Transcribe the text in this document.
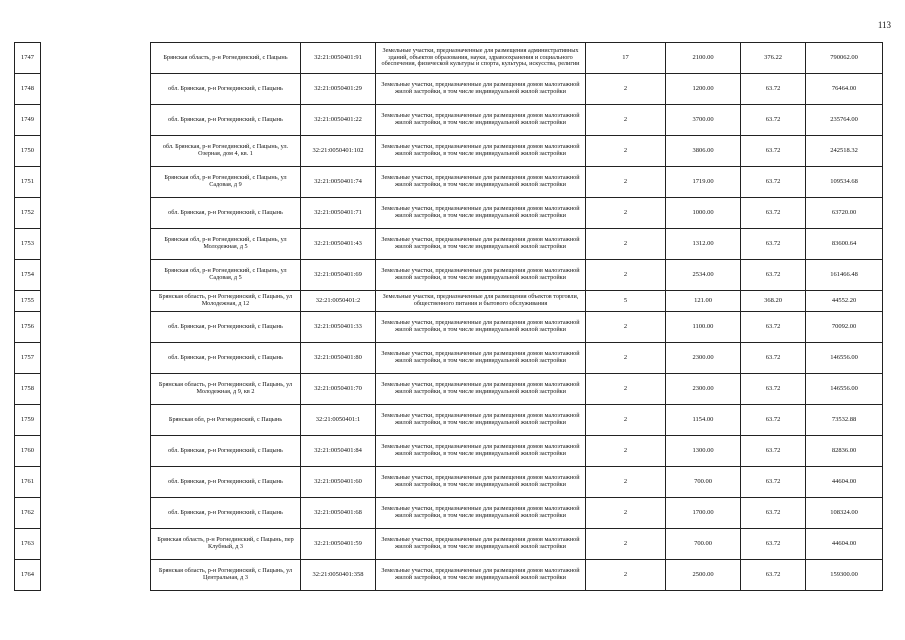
113
1747		Брянская область, р-н Рогнединский, с Пацынь	32:21:0050401:91	Земельные участки, предназначенные для размещения административных зданий, объектов образования, науки, здравоохранения и социального обеспечения, физической культуры и спорта, культуры, искусства, религии	17	2100.00	376.22	790062.00
1748		обл. Брянская, р-н Рогнединский, с Пацынь	32:21:0050401:29	Земельные участки, предназначенные для размещения домов малоэтажной жилой застройки, в том числе индивидуальной жилой застройки	2	1200.00	63.72	76464.00
1749		обл. Брянская, р-н Рогнединский, с Пацынь	32:21:0050401:22	Земельные участки, предназначенные для размещения домов малоэтажной жилой застройки, в том числе индивидуальной жилой застройки	2	3700.00	63.72	235764.00
1750		обл. Брянская, р-н Рогнединский, с Пацынь, ул. Озерная, дом 4, кв. 1	32:21:0050401:102	Земельные участки, предназначенные для размещения домов малоэтажной жилой застройки, в том числе индивидуальной жилой застройки	2	3806.00	63.72	242518.32
1751		Брянская обл, р-н Рогнединский, с Пацынь, ул Садовая, д 9	32:21:0050401:74	Земельные участки, предназначенные для размещения домов малоэтажной жилой застройки, в том числе индивидуальной жилой застройки	2	1719.00	63.72	109534.68
1752		обл. Брянская, р-н Рогнединский, с Пацынь	32:21:0050401:71	Земельные участки, предназначенные для размещения домов малоэтажной жилой застройки, в том числе индивидуальной жилой застройки	2	1000.00	63.72	63720.00
1753		Брянская обл, р-н Рогнединский, с Пацынь, ул Молодежная, д 5	32:21:0050401:43	Земельные участки, предназначенные для размещения домов малоэтажной жилой застройки, в том числе индивидуальной жилой застройки	2	1312.00	63.72	83600.64
1754		Брянская обл, р-н Рогнединский, с Пацынь, ул Садовая, д 5	32:21:0050401:69	Земельные участки, предназначенные для размещения домов малоэтажной жилой застройки, в том числе индивидуальной жилой застройки	2	2534.00	63.72	161466.48
1755		Брянская область, р-н Рогнединский, с Пацынь, ул Молодежная, д 12	32:21:0050401:2	Земельные участки, предназначенные для размещения объектов торговли, общественного питания и бытового обслуживания	5	121.00	368.20	44552.20
1756		обл. Брянская, р-н Рогнединский, с Пацынь	32:21:0050401:33	Земельные участки, предназначенные для размещения домов малоэтажной жилой застройки, в том числе индивидуальной жилой застройки	2	1100.00	63.72	70092.00
1757		обл. Брянская, р-н Рогнединский, с Пацынь	32:21:0050401:80	Земельные участки, предназначенные для размещения домов малоэтажной жилой застройки, в том числе индивидуальной жилой застройки	2	2300.00	63.72	146556.00
1758		Брянская область, р-н Рогнединский, с Пацынь, ул Молодежная, д 9, кв 2	32:21:0050401:70	Земельные участки, предназначенные для размещения домов малоэтажной жилой застройки, в том числе индивидуальной жилой застройки	2	2300.00	63.72	146556.00
1759		Брянская обл, р-н Рогнединский, с Пацынь	32:21:0050401:1	Земельные участки, предназначенные для размещения домов малоэтажной жилой застройки, в том числе индивидуальной жилой застройки	2	1154.00	63.72	73532.88
1760		обл. Брянская, р-н Рогнединский, с Пацынь	32:21:0050401:84	Земельные участки, предназначенные для размещения домов малоэтажной жилой застройки, в том числе индивидуальной жилой застройки	2	1300.00	63.72	82836.00
1761		обл. Брянская, р-н Рогнединский, с Пацынь	32:21:0050401:60	Земельные участки, предназначенные для размещения домов малоэтажной жилой застройки, в том числе индивидуальной жилой застройки	2	700.00	63.72	44604.00
1762		обл. Брянская, р-н Рогнединский, с Пацынь	32:21:0050401:68	Земельные участки, предназначенные для размещения домов малоэтажной жилой застройки, в том числе индивидуальной жилой застройки	2	1700.00	63.72	108324.00
1763		Брянская область, р-н Рогнединский, с Пацынь, пер Клубный, д 3	32:21:0050401:59	Земельные участки, предназначенные для размещения домов малоэтажной жилой застройки, в том числе индивидуальной жилой застройки	2	700.00	63.72	44604.00
1764		Брянская область, р-н Рогнединский, с Пацынь, ул Центральная, д 3	32:21:0050401:358	Земельные участки, предназначенные для размещения домов малоэтажной жилой застройки, в том числе индивидуальной жилой застройки	2	2500.00	63.72	159300.00
